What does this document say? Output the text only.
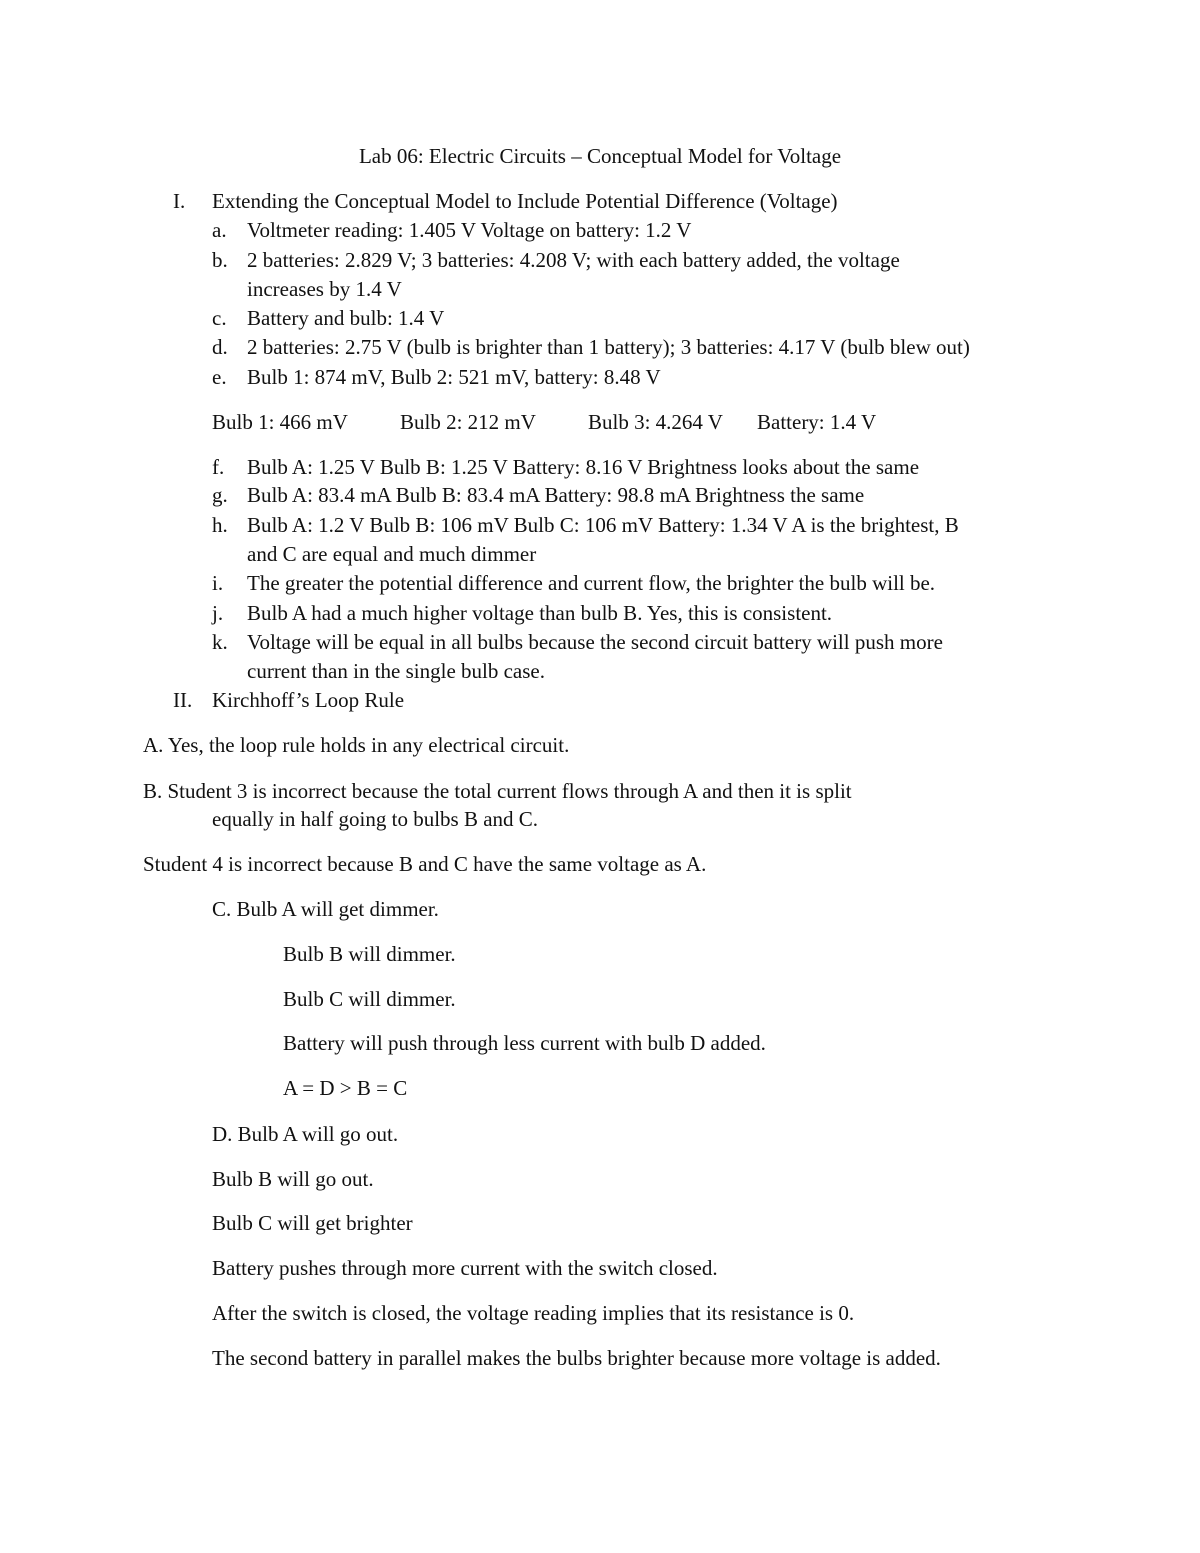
Lab 06: Electric Circuits – Conceptual Model for Voltage
I. Extending the Conceptual Model to Include Potential Difference (Voltage)
a. Voltmeter reading: 1.405 V Voltage on battery: 1.2 V
b. 2 batteries: 2.829 V; 3 batteries: 4.208 V; with each battery added, the voltage
increases by 1.4 V
c. Battery and bulb: 1.4 V
d. 2 batteries: 2.75 V (bulb is brighter than 1 battery); 3 batteries: 4.17 V (bulb blew out)
e. Bulb 1: 874 mV, Bulb 2: 521 mV, battery: 8.48 V
Bulb 1: 466 mV Bulb 2: 212 mV Bulb 3: 4.264 V Battery: 1.4 V
f. Bulb A: 1.25 V Bulb B: 1.25 V Battery: 8.16 V Brightness looks about the same
g. Bulb A: 83.4 mA Bulb B: 83.4 mA Battery: 98.8 mA Brightness the same
h. Bulb A: 1.2 V Bulb B: 106 mV Bulb C: 106 mV Battery: 1.34 V A is the brightest, B
and C are equal and much dimmer
i. The greater the potential difference and current flow, the brighter the bulb will be.
j. Bulb A had a much higher voltage than bulb B. Yes, this is consistent.
k. Voltage will be equal in all bulbs because the second circuit battery will push more
current than in the single bulb case.
II. Kirchhoff’s Loop Rule
A. Yes, the loop rule holds in any electrical circuit.
B. Student 3 is incorrect because the total current flows through A and then it is split
equally in half going to bulbs B and C.
Student 4 is incorrect because B and C have the same voltage as A.
C. Bulb A will get dimmer.
Bulb B will dimmer.
Bulb C will dimmer.
Battery will push through less current with bulb D added.
A = D > B = C
D. Bulb A will go out.
Bulb B will go out.
Bulb C will get brighter
Battery pushes through more current with the switch closed.
After the switch is closed, the voltage reading implies that its resistance is 0.
The second battery in parallel makes the bulbs brighter because more voltage is added.
